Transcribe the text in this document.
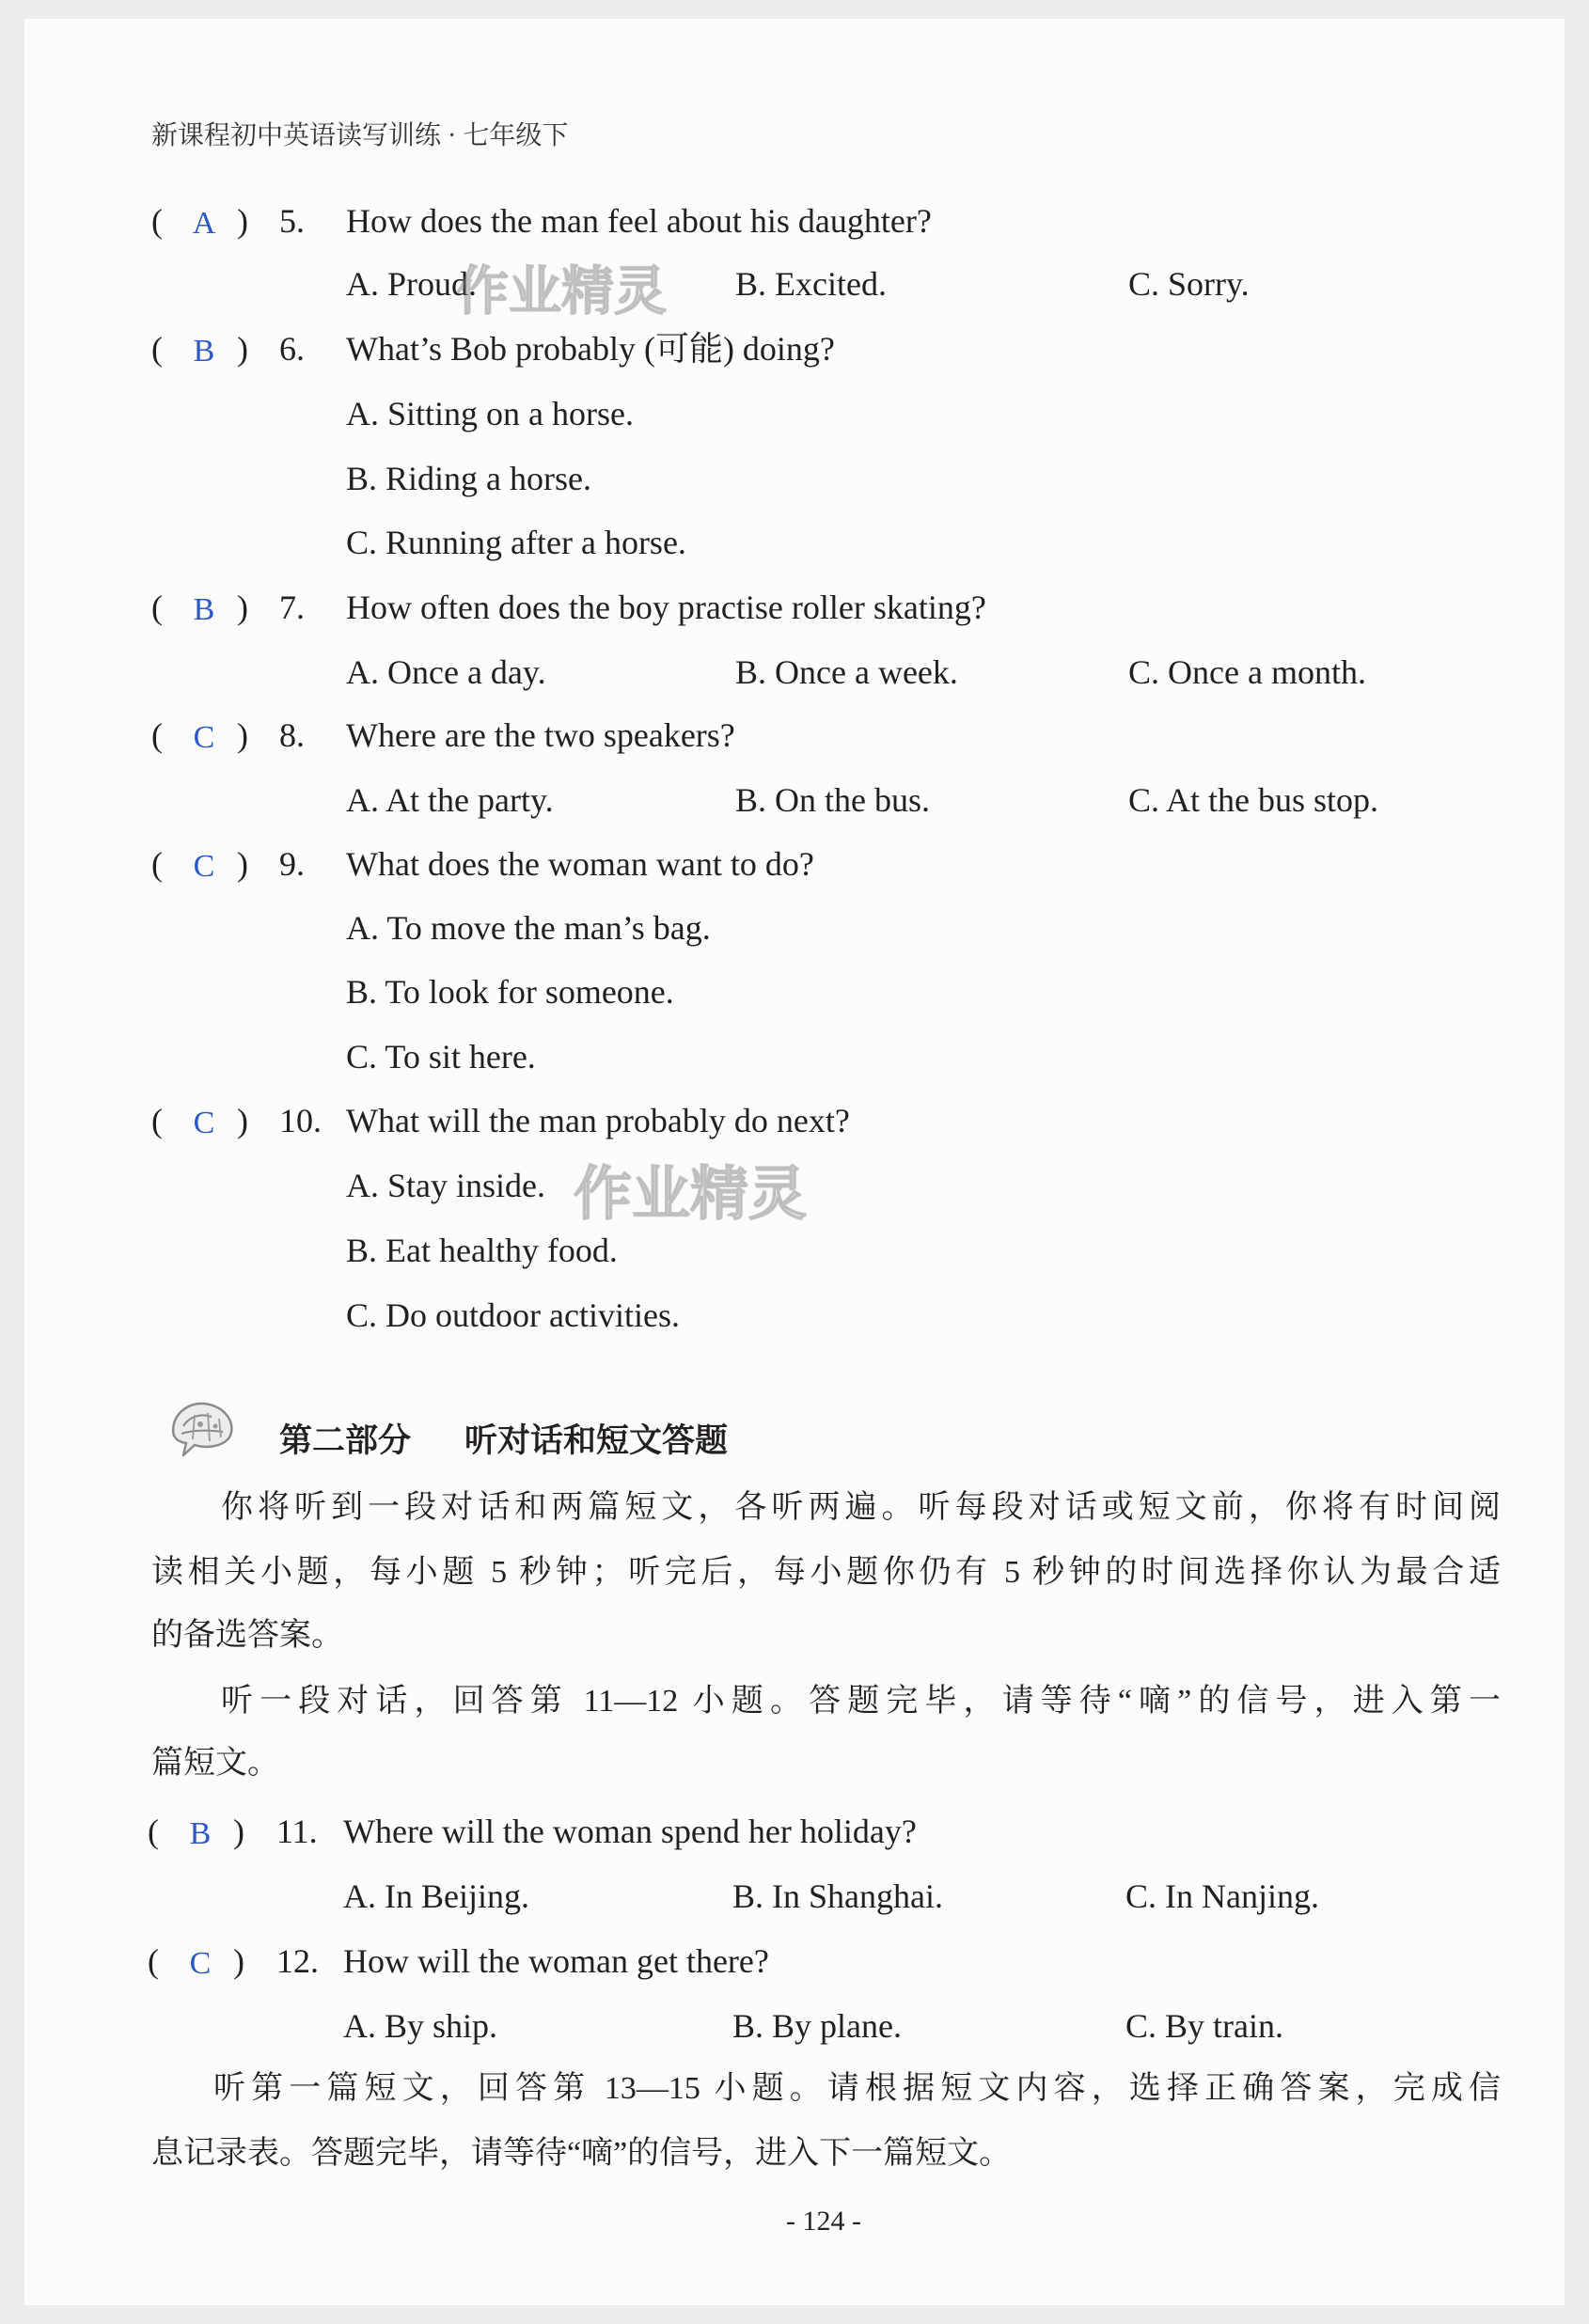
新课程初中英语读写训练 · 七年级下
( A ) 5. How does the man feel about his daughter?
A. Proud.	B. Excited.	C. Sorry.
( B ) 6. What’s Bob probably (可能) doing?
A. Sitting on a horse.
B. Riding a horse.
C. Running after a horse.
( B ) 7. How often does the boy practise roller skating?
A. Once a day.	B. Once a week.	C. Once a month.
( C ) 8. Where are the two speakers?
A. At the party.	B. On the bus.	C. At the bus stop.
( C ) 9. What does the woman want to do?
A. To move the man’s bag.
B. To look for someone.
C. To sit here.
( C ) 10. What will the man probably do next?
A. Stay inside.
B. Eat healthy food.
C. Do outdoor activities.
第二部分 听对话和短文答题
你将听到一段对话和两篇短文，各听两遍。听每段对话或短文前，你将有时间阅
读相关小题，每小题 5 秒钟；听完后，每小题你仍有 5 秒钟的时间选择你认为最合适
的备选答案。
听一段对话，回答第 11—12 小题。答题完毕，请等待“嘀”的信号，进入第一
篇短文。
( B ) 11. Where will the woman spend her holiday?
A. In Beijing.	B. In Shanghai.	C. In Nanjing.
( C ) 12. How will the woman get there?
A. By ship.	B. By plane.	C. By train.
听第一篇短文，回答第 13—15 小题。请根据短文内容，选择正确答案，完成信
息记录表。答题完毕，请等待“嘀”的信号，进入下一篇短文。
- 124 -
作业精灵
作业精灵
